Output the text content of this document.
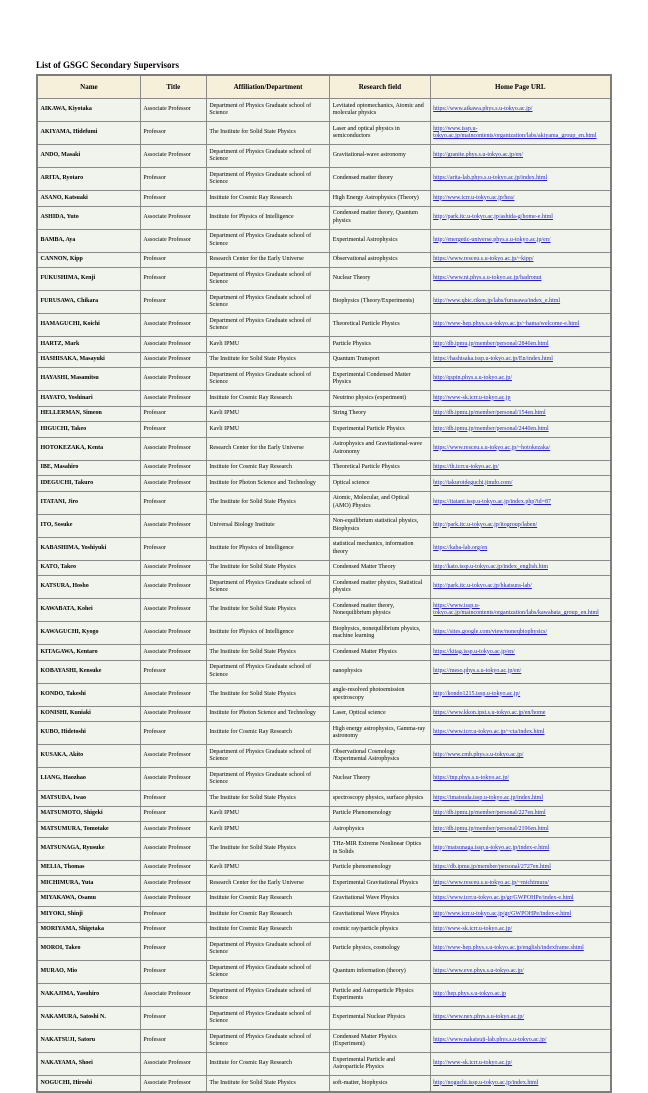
List of GSGC Secondary Supervisors
Name	Title	Affiliation/Department	Research field	Home Page URL
AIKAWA, Kiyotaka	Associate Professor	Department of Physics Graduate school of Science	Levitated optomechanics, Atomic and molecular physics	https://www.aikawa.phys.s.u-tokyo.ac.jp/
AKIYAMA, Hidefumi	Professor	The Institute for Solid State Physics	Laser and optical physics in semiconductors	http://www.issp.u-tokyo.ac.jp/maincontents/organization/labs/akiyama_group_en.html
ANDO, Masaki	Associate Professor	Department of Physics Graduate school of Science	Gravitational-wave astronomy	http://granite.phys.s.u-tokyo.ac.jp/en/
ARITA, Ryotaro	Professor	Department of Physics Graduate school of Science	Condensed matter theory	https://arita-lab.phys.s.u-tokyo.ac.jp/index.html
ASANO, Katsuaki	Professor	Institute for Cosmic Ray Research	High Energy Astrophysics (Theory)	http://www.icrr.u-tokyo.ac.jp/hea/
ASHIDA, Yuto	Associate Professor	Institute for Physics of Intelligence	Condensed matter theory, Quantum physics	http://park.itc.u-tokyo.ac.jp/ashida-g/home-e.html
BAMBA, Aya	Associate Professor	Department of Physics Graduate school of Science	Experimental Astrophysics	http://energetic-universe.phys.s.u-tokyo.ac.jp/en/
CANNON, Kipp	Professor	Research Center for the Early Universe	Observational astrophysics	https://www.resceu.s.u-tokyo.ac.jp/~kipp/
FUKUSHIMA, Kenji	Professor	Department of Physics Graduate school of Science	Nuclear Theory	https://www.nt.phys.s.u-tokyo.ac.jp/hadronut
FURUSAWA, Chikara	Professor	Department of Physics Graduate school of Science	Biophysics (Theory/Experiments)	http://www.qbic.riken.jp/labs/furusawa/index_e.html
HAMAGUCHI, Koichi	Associate Professor	Department of Physics Graduate school of Science	Theoretical Particle Physics	http://www-hep.phys.s.u-tokyo.ac.jp/~hama/welcome-e.html
HARTZ, Mark	Associate Professor	Kavli IPMU	Particle Physics	http://db.ipmu.jp/member/personal/2846en.html
HASHISAKA, Masayuki	Associate Professor	The Institute for Solid State Physics	Quantum Transport	https://hashisaka.issp.u-tokyo.ac.jp/En/index.html
HAYASHI, Masamitsu	Associate Professor	Department of Physics Graduate school of Science	Experimental Condensed Matter Physics	http://qspin.phys.s.u-tokyo.ac.jp/
HAYATO, Yoshinari	Associate Professor	Institute for Cosmic Ray Research	Neutrino physics (experiment)	http://www-sk.icrr.u-tokyo.ac.jp
HELLERMAN, Simeon	Professor	Kavli IPMU	String Theory	http://db.ipmu.jp/member/personal/154en.html
HIGUCHI, Takeo	Professor	Kavli IPMU	Experimental Particle Physics	http://db.ipmu.jp/member/personal/2440en.html
HOTOKEZAKA, Kenta	Associate Professor	Research Center for the Early Universe	Astrophysics and Gravitational-wave Astronomy	https://www.resceu.s.u-tokyo.ac.jp/~hotokezaka/
IBE, Masahiro	Associate Professor	Institute for Cosmic Ray Research	Theoretical Particle Physics	https://th.icrr.u-tokyo.ac.jp/
IDEGUCHI, Takuro	Associate Professor	Institute for Photon Science and Technology	Optical science	http://takuroideguchi.jimdo.com/
ITATANI, Jiro	Professor	The Institute for Solid State Physics	Atomic, Molecular, and Optical (AMO) Physics	https://itatani.issp.u-tokyo.ac.jp/index.php?id=87
ITO, Sosuke	Associate Professor	Universal Biology Institute	Non-equilibrium statistical physics, Biophysics	http://park.itc.u-tokyo.ac.jp/itogroup/laben/
KABASHIMA, Yoshiyuki	Professor	Institute for Physics of Intelligence	statistical mechanics, information theory	https://kaba-lab.org/en
KATO, Takeo	Associate Professor	The Institute for Solid State Physics	Condensed Matter Theory	http://kato.issp.u-tokyo.ac.jp/index_english.htm
KATSURA, Hosho	Associate Professor	Department of Physics Graduate school of Science	Condensed matter physics, Statistical physics	http://park.itc.u-tokyo.ac.jp/hkatsura-lab/
KAWABATA, Kohei	Associate Professor	The Institute for Solid State Physics	Condensed matter theory, Nonequilibrium physics	https://www.issp.u-tokyo.ac.jp/maincontents/organization/labs/kawabata_group_en.html
KAWAGUCHI, Kyogo	Associate Professor	Institute for Physics of Intelligence	Biophysics, nonequilibrium physics, machine learning	https://sites.google.com/view/noneqbiophysics/
KITAGAWA, Kentaro	Associate Professor	The Institute for Solid State Physics	Condensed Matter Physics	https://kitag.issp.u-tokyo.ac.jp/en/
KOBAYASHI, Kensuke	Professor	Department of Physics Graduate school of Science	nanophysics	https://meso.phys.s.u-tokyo.ac.jp/en/
KONDO, Takeshi	Associate Professor	The Institute for Solid State Physics	angle-resolved photoemission spectroscopy	http://kondo1215.issp.u-tokyo.ac.jp/
KONISHI, Kuniaki	Associate Professor	Institute for Photon Science and Technology	Laser, Optical science	https://www.kkon.ipst.s.u-tokyo.ac.jp/en/home
KUBO, Hidetoshi	Professor	Institute for Cosmic Ray Research	High energy astrophysics, Gamma-ray astronomy	https://www.icrr.u-tokyo.ac.jp/~cta/index.html
KUSAKA, Akito	Associate Professor	Department of Physics Graduate school of Science	Observational Cosmology /Experimental Astrophysics	http://www.cmb.phys.s.u-tokyo.ac.jp/
LIANG, Haozhao	Associate Professor	Department of Physics Graduate school of Science	Nuclear Theory	https://tnp.phys.s.u-tokyo.ac.jp/
MATSUDA, Iwao	Professor	The Institute for Solid State Physics	spectroscopy physics, surface physics	https://imatsuda.issp.u-tokyo.ac.jp/index.html
MATSUMOTO, Shigeki	Professor	Kavli IPMU	Particle Phenomenology	http://db.ipmu.jp/member/personal/227en.html
MATSUMURA, Tomotake	Associate Professor	Kavli IPMU	Astrophysics	http://db.ipmu.jp/member/personal/2196en.html
MATSUNAGA, Ryusuke	Associate Professor	The Institute for Solid State Physics	THz-MIR Extreme Nonlinear Optics in Solids	http://matsunaga.issp.u-tokyo.ac.jp/index-e.html
MELIA, Thomas	Associate Professor	Kavli IPMU	Particle phenomenology	https://db.ipmu.jp/member/personal/2727en.html
MICHIMURA, Yuta	Associate Professor	Research Center for the Early Universe	Experimental Gravitational Physics	https://www.resceu.s.u-tokyo.ac.jp/~michimura/
MIYAKAWA, Osamu	Associate Professor	Institute for Cosmic Ray Research	Gravitational Wave Physics	https://www.icrr.u-tokyo.ac.jp/gr/GWPOHPe/index-e.html
MIYOKI, Shinji	Professor	Institute for Cosmic Ray Research	Gravitational Wave Physics	http://www.icrr.u-tokyo.ac.jp/gr/GWPOHPe/index-e.html
MORIYAMA, Shigetaka	Professor	Institute for Cosmic Ray Research	cosmic ray/particle physics	http://www-sk.icrr.u-tokyo.ac.jp/
MOROI, Takeo	Professor	Department of Physics Graduate school of Science	Particle physics, cosmology	http://www-hep.phys.s.u-tokyo.ac.jp/english/indexframe.shtml
MURAO, Mio	Professor	Department of Physics Graduate school of Science	Quantum information (theory)	https://www.eve.phys.s.u-tokyo.ac.jp/
NAKAJIMA, Yasuhiro	Associate Professor	Department of Physics Graduate school of Science	Particle and Astroparticle Physics Experiments	http://hep.phys.s.u-tokyo.ac.jp
NAKAMURA, Satoshi N.	Professor	Department of Physics Graduate school of Science	Experimental Nuclear Physics	https://www.nex.phys.s.u-tokyo.ac.jp/
NAKATSUJI, Satoru	Professor	Department of Physics Graduate school of Science	Condensed Matter Physics (Experiment)	https://www.nakatsuji-lab.phys.s.u-tokyo.ac.jp/
NAKAYAMA, Shoei	Associate Professor	Institute for Cosmic Ray Research	Experimental Particle and Astroparticle Physics	http://www-sk.icrr.u-tokyo.ac.jp/
NOGUCHI, Hiroshi	Associate Professor	The Institute for Solid State Physics	soft-matter, biophysics	http://noguchi.issp.u-tokyo.ac.jp/index.html
